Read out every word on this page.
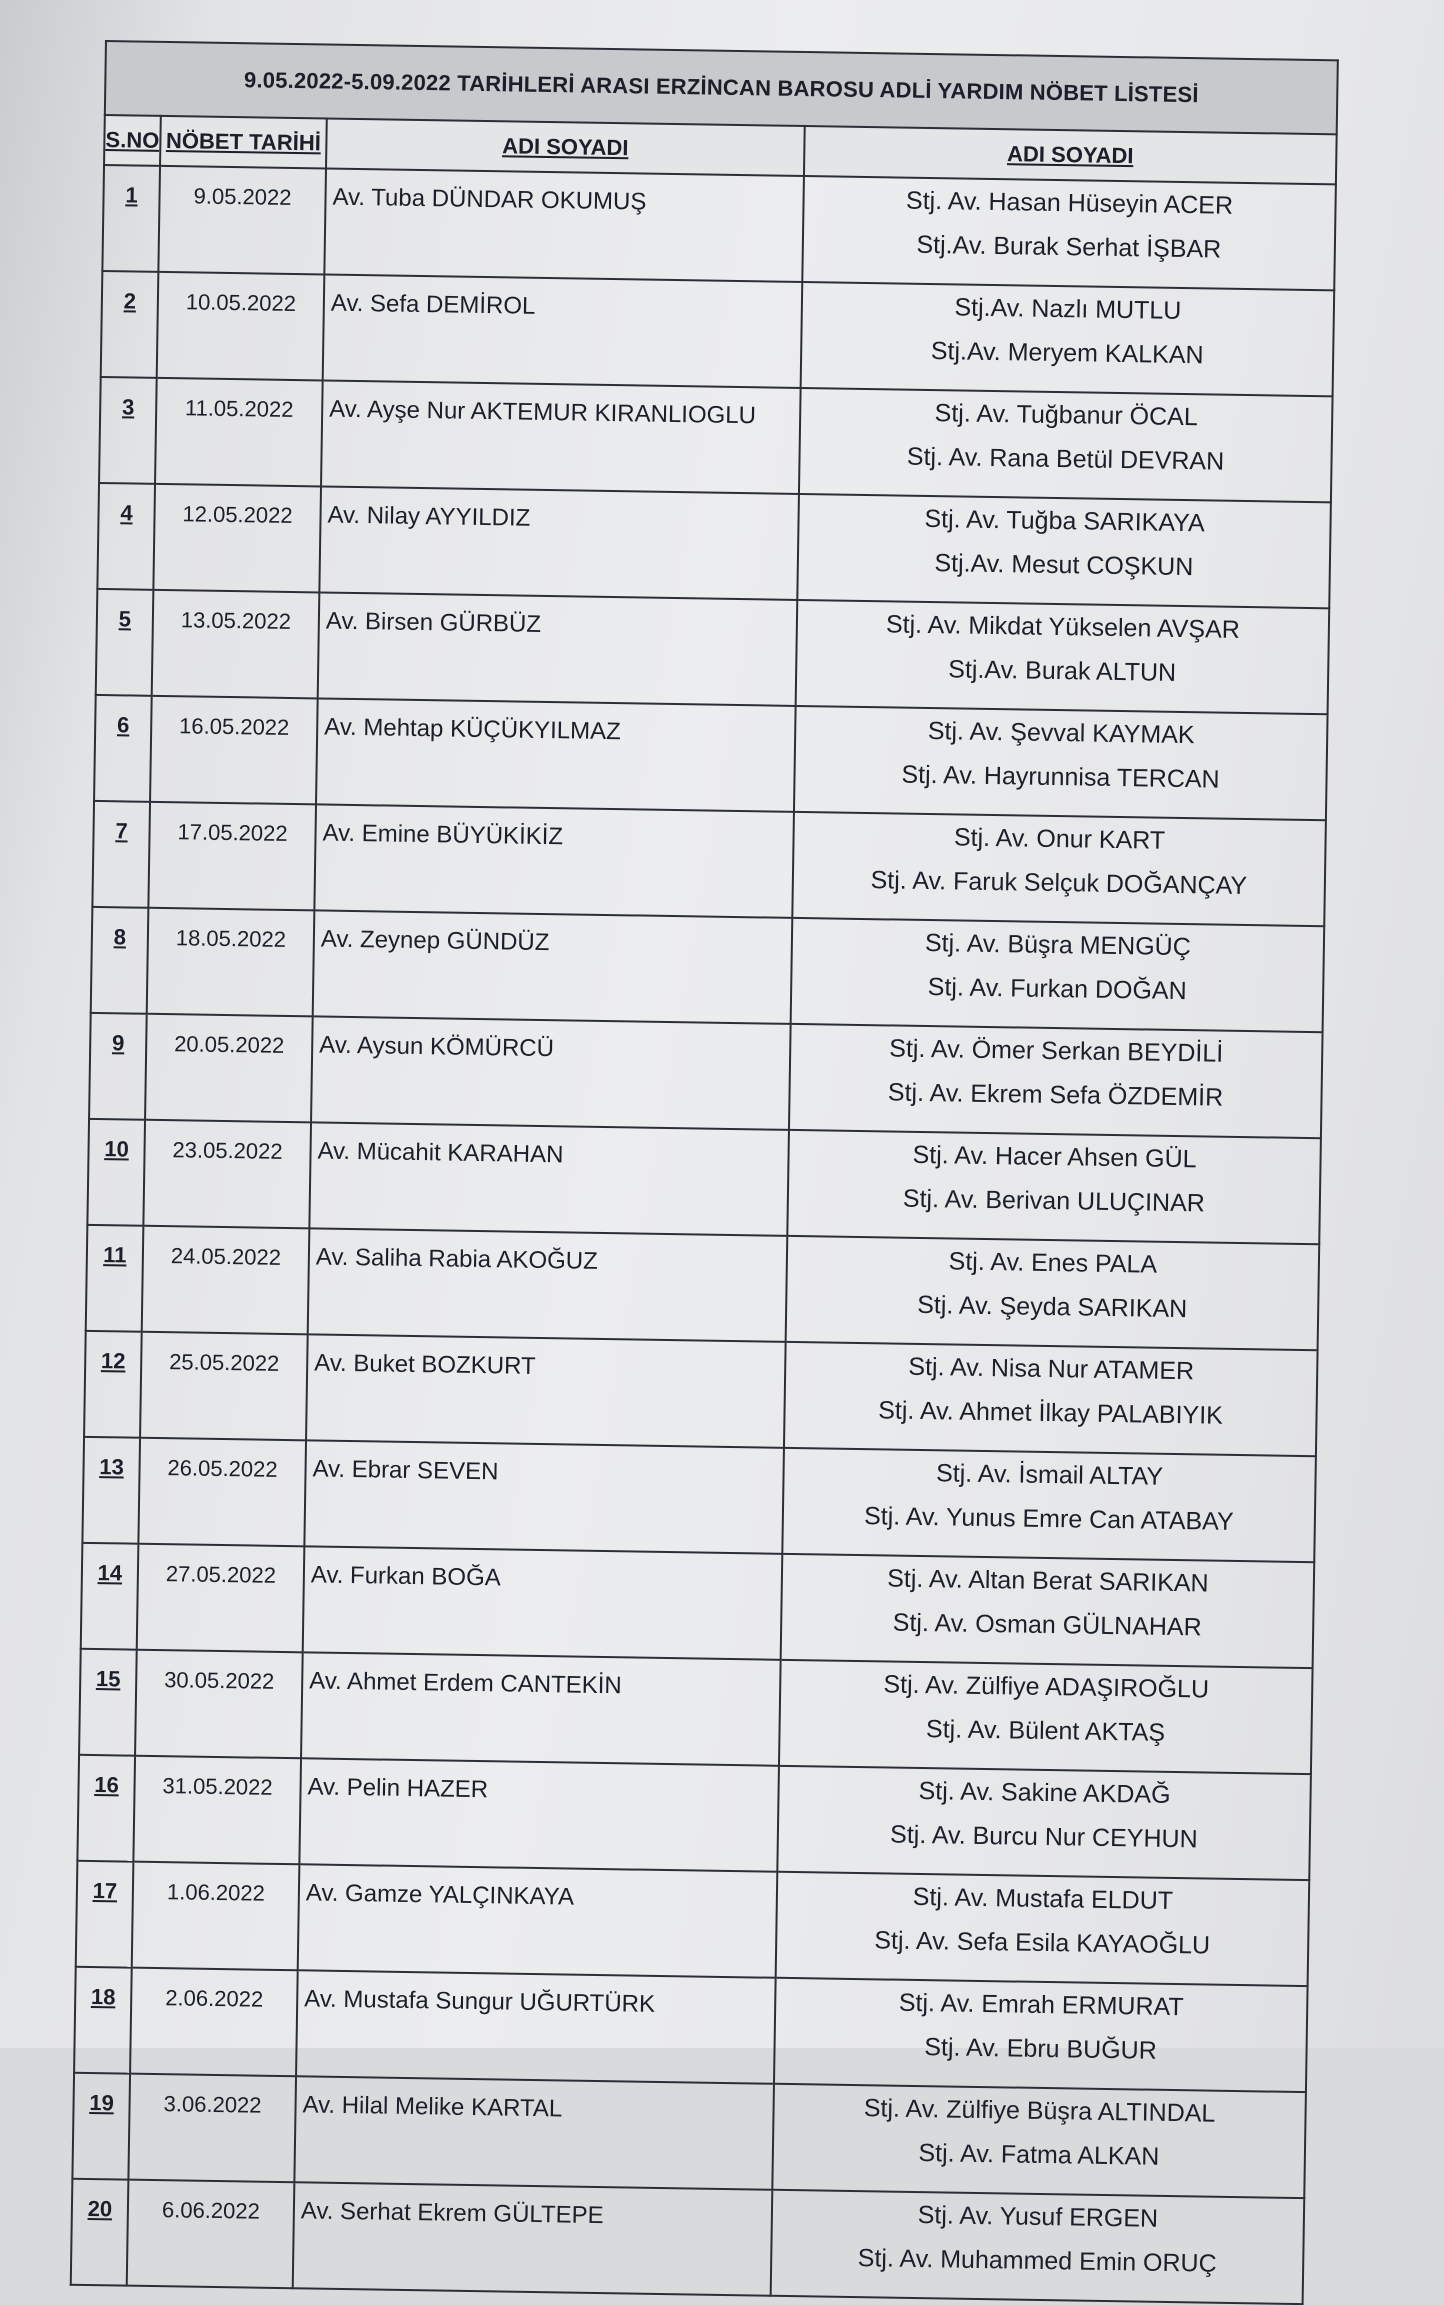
9.05.2022-5.09.2022 TARİHLERİ ARASI ERZİNCAN BAROSU ADLİ YARDIM NÖBET LİSTESİ			
S.NO	NÖBET TARİHİ	ADI SOYADI	ADI SOYADI
1	9.05.2022	Av. Tuba DÜNDAR OKUMUŞ	Stj. Av. Hasan Hüseyin ACER
Stj.Av. Burak Serhat İŞBAR

2	10.05.2022	Av. Sefa DEMİROL	Stj.Av. Nazlı MUTLU
Stj.Av. Meryem KALKAN

3	11.05.2022	Av. Ayşe Nur AKTEMUR KIRANLIOGLU	Stj. Av. Tuğbanur ÖCAL
Stj. Av. Rana Betül DEVRAN

4	12.05.2022	Av. Nilay AYYILDIZ	Stj. Av. Tuğba SARIKAYA
Stj.Av. Mesut COŞKUN

5	13.05.2022	Av. Birsen GÜRBÜZ	Stj. Av. Mikdat Yükselen AVŞAR
Stj.Av. Burak ALTUN

6	16.05.2022	Av. Mehtap KÜÇÜKYILMAZ	Stj. Av. Şevval KAYMAK
Stj. Av. Hayrunnisa TERCAN

7	17.05.2022	Av. Emine BÜYÜKİKİZ	Stj. Av. Onur KART
Stj. Av. Faruk Selçuk DOĞANÇAY

8	18.05.2022	Av. Zeynep GÜNDÜZ	Stj. Av. Büşra MENGÜÇ
Stj. Av. Furkan DOĞAN

9	20.05.2022	Av. Aysun KÖMÜRCÜ	Stj. Av. Ömer Serkan BEYDİLİ
Stj. Av. Ekrem Sefa ÖZDEMİR

10	23.05.2022	Av. Mücahit KARAHAN	Stj. Av. Hacer Ahsen GÜL
Stj. Av. Berivan ULUÇINAR

11	24.05.2022	Av. Saliha Rabia AKOĞUZ	Stj. Av. Enes PALA
Stj. Av. Şeyda SARIKAN

12	25.05.2022	Av. Buket BOZKURT	Stj. Av. Nisa Nur ATAMER
Stj. Av. Ahmet İlkay PALABIYIK

13	26.05.2022	Av. Ebrar SEVEN	Stj. Av. İsmail ALTAY
Stj. Av. Yunus Emre Can ATABAY

14	27.05.2022	Av. Furkan BOĞA	Stj. Av. Altan Berat SARIKAN
Stj. Av. Osman GÜLNAHAR

15	30.05.2022	Av. Ahmet Erdem CANTEKİN	Stj. Av. Zülfiye ADAŞIROĞLU
Stj. Av. Bülent AKTAŞ

16	31.05.2022	Av. Pelin HAZER	Stj. Av. Sakine AKDAĞ
Stj. Av. Burcu Nur CEYHUN

17	1.06.2022	Av. Gamze YALÇINKAYA	Stj. Av. Mustafa ELDUT
Stj. Av. Sefa Esila KAYAOĞLU

18	2.06.2022	Av. Mustafa Sungur UĞURTÜRK	Stj. Av. Emrah ERMURAT
Stj. Av. Ebru BUĞUR

19	3.06.2022	Av. Hilal Melike KARTAL	Stj. Av. Zülfiye Büşra ALTINDAL
Stj. Av. Fatma ALKAN

20	6.06.2022	Av. Serhat Ekrem GÜLTEPE	Stj. Av. Yusuf ERGEN
Stj. Av. Muhammed Emin ORUÇ
